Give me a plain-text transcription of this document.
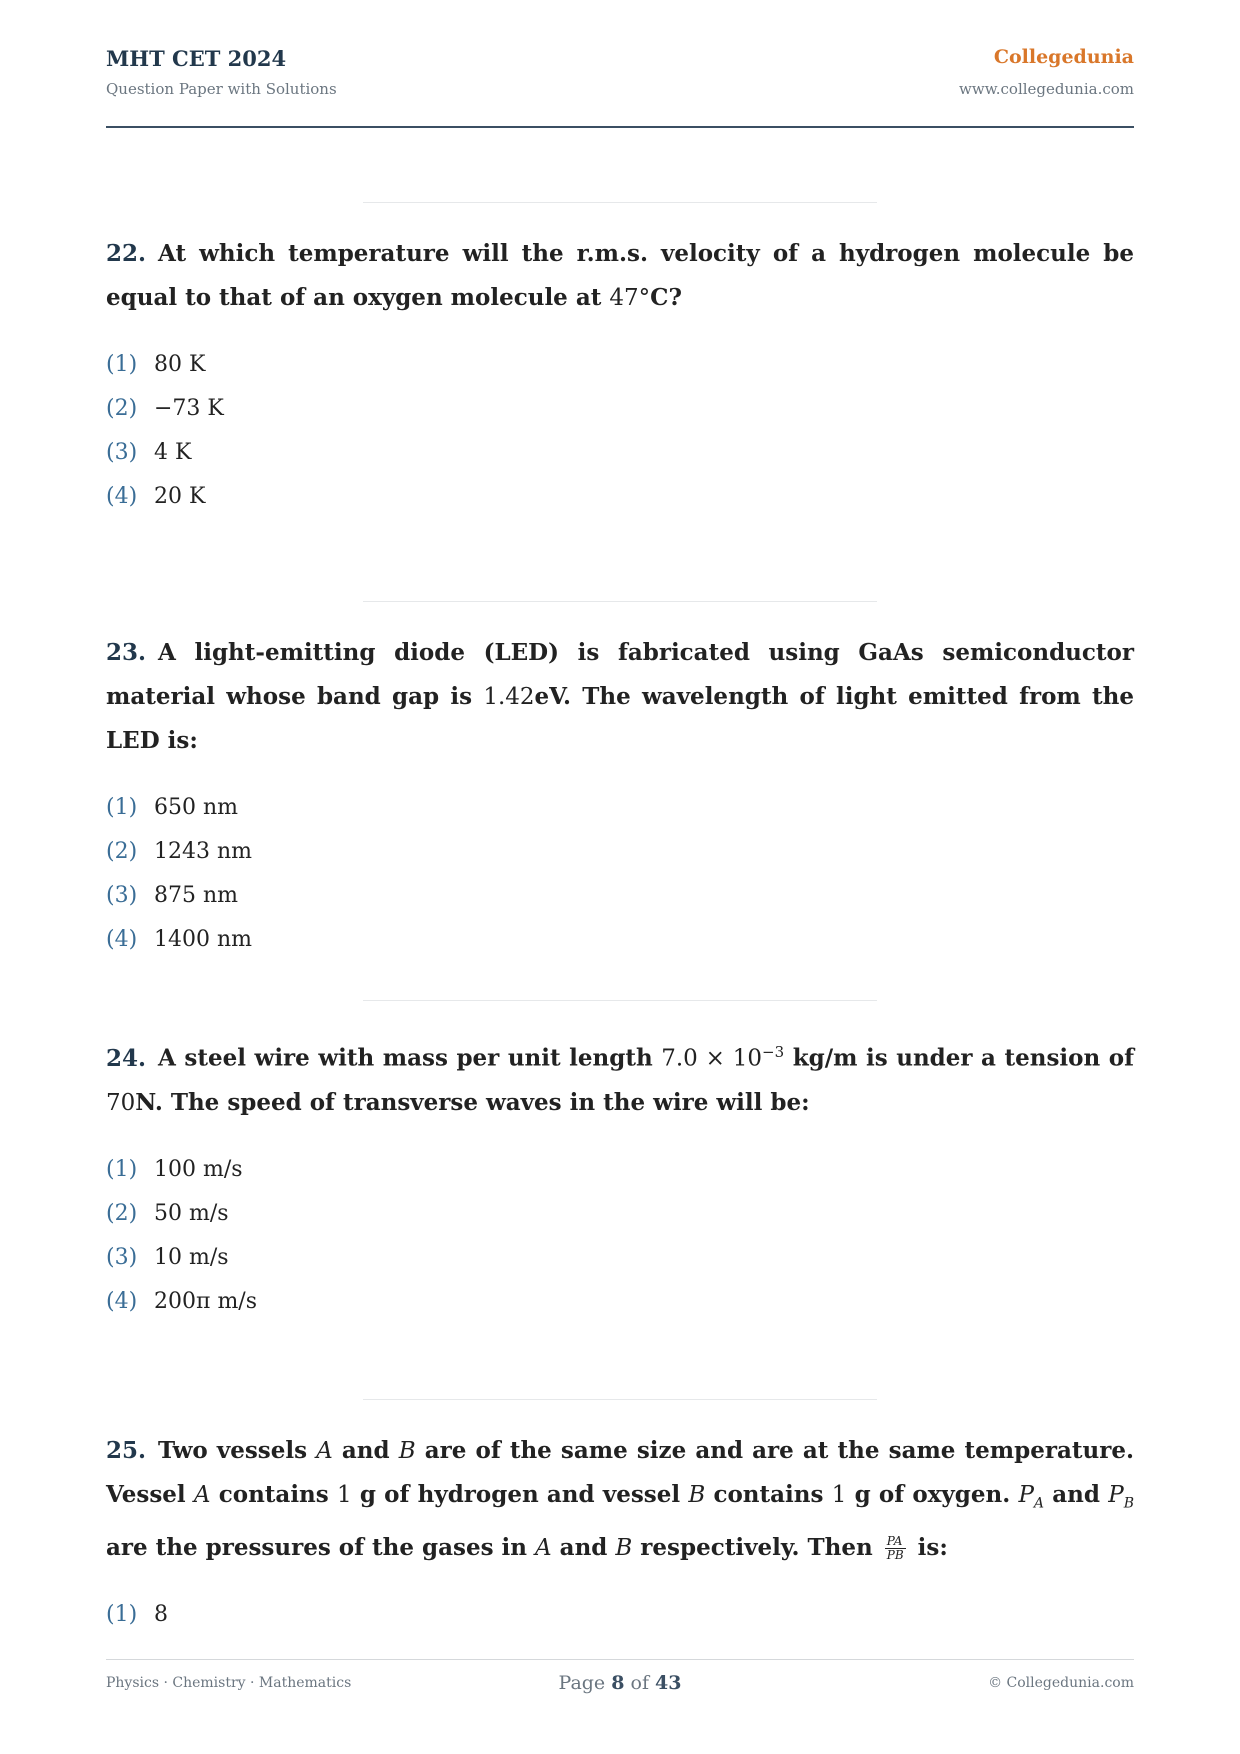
MHT CET 2024
Question Paper with Solutions
Collegedunia
www.collegedunia.com
22. At which temperature will the r.m.s. velocity of a hydrogen molecule be equal to that of an oxygen molecule at 47°C?
(1) 80 K
(2) −73 K
(3) 4 K
(4) 20 K
23. A light-emitting diode (LED) is fabricated using GaAs semiconductor material whose band gap is 1.42eV. The wavelength of light emitted from the LED is:
(1) 650 nm
(2) 1243 nm
(3) 875 nm
(4) 1400 nm
24. A steel wire with mass per unit length $7.0 \times 10^{-3}$ kg/m is under a tension of 70N. The speed of transverse waves in the wire will be:
(1) 100 m/s
(2) 50 m/s
(3) 10 m/s
(4) 200π m/s
25. Two vessels A and B are of the same size and are at the same temperature. Vessel A contains 1 g of hydrogen and vessel B contains 1 g of oxygen. $P_A$ and $P_B$ are the pressures of the gases in A and B respectively. Then $\frac{PA}{PB}$ is:
(1) 8
Physics · Chemistry · Mathematics	Page 8 of 43	© Collegedunia.com
